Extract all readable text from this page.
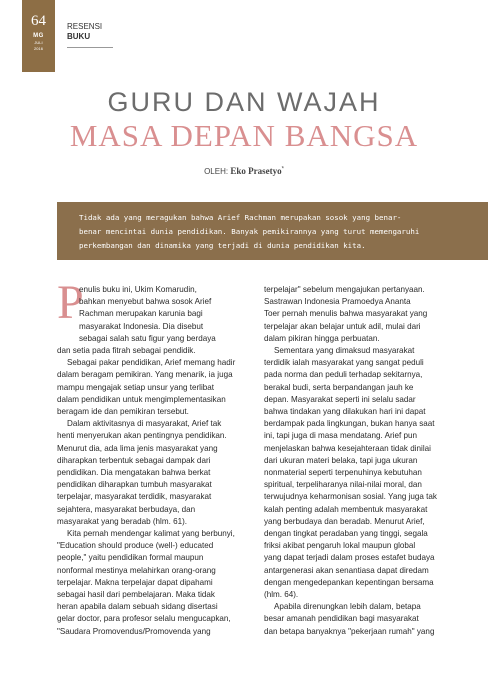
64
MG
JULI
2016
RESENSI
BUKU
GURU DAN WAJAH
MASA DEPAN BANGSA
OLEH: Eko Prasetyo*
Tidak ada yang meragukan bahwa Arief Rachman merupakan sosok yang benar-
benar mencintai dunia pendidikan. Banyak pemikirannya yang turut memengaruhi
perkembangan dan dinamika yang terjadi di dunia pendidikan kita.
P
enulis buku ini, Ukim Komarudin,
bahkan menyebut bahwa sosok Arief
Rachman merupakan karunia bagi
masyarakat Indonesia. Dia disebut
sebagai salah satu figur yang berdaya
dan setia pada fitrah sebagai pendidik.
Sebagai pakar pendidikan, Arief memang hadir
dalam beragam pemikiran. Yang menarik, ia juga
mampu mengajak setiap unsur yang terlibat
dalam pendidikan untuk mengimplementasikan
beragam ide dan pemikiran tersebut.
Dalam aktivitasnya di masyarakat, Arief tak
henti menyerukan akan pentingnya pendidikan.
Menurut dia, ada lima jenis masyarakat yang
diharapkan terbentuk sebagai dampak dari
pendidikan. Dia mengatakan bahwa berkat
pendidikan diharapkan tumbuh masyarakat
terpelajar, masyarakat terdidik, masyarakat
sejahtera, masyarakat berbudaya, dan
masyarakat yang beradab (hlm. 61).
Kita pernah mendengar kalimat yang berbunyi,
"Education should produce (well-) educated
people," yaitu pendidikan formal maupun
nonformal mestinya melahirkan orang-orang
terpelajar. Makna terpelajar dapat dipahami
sebagai hasil dari pembelajaran. Maka tidak
heran apabila dalam sebuah sidang disertasi
gelar doctor, para profesor selalu mengucapkan,
"Saudara Promovendus/Promovenda yang
terpelajar" sebelum mengajukan pertanyaan.
Sastrawan Indonesia Pramoedya Ananta
Toer pernah menulis bahwa masyarakat yang
terpelajar akan belajar untuk adil, mulai dari
dalam pikiran hingga perbuatan.
Sementara yang dimaksud masyarakat
terdidik ialah masyarakat yang sangat peduli
pada norma dan peduli terhadap sekitarnya,
berakal budi, serta berpandangan jauh ke
depan. Masyarakat seperti ini selalu sadar
bahwa tindakan yang dilakukan hari ini dapat
berdampak pada lingkungan, bukan hanya saat
ini, tapi juga di masa mendatang. Arief pun
menjelaskan bahwa kesejahteraan tidak dinilai
dari ukuran materi belaka, tapi juga ukuran
nonmaterial seperti terpenuhinya kebutuhan
spiritual, terpeliharanya nilai-nilai moral, dan
terwujudnya keharmonisan sosial. Yang juga tak
kalah penting adalah membentuk masyarakat
yang berbudaya dan beradab. Menurut Arief,
dengan tingkat peradaban yang tinggi, segala
friksi akibat pengaruh lokal maupun global
yang dapat terjadi dalam proses estafet budaya
antargenerasi akan senantiasa dapat diredam
dengan mengedepankan kepentingan bersama
(hlm. 64).
Apabila direnungkan lebih dalam, betapa
besar amanah pendidikan bagi masyarakat
dan betapa banyaknya "pekerjaan rumah" yang
